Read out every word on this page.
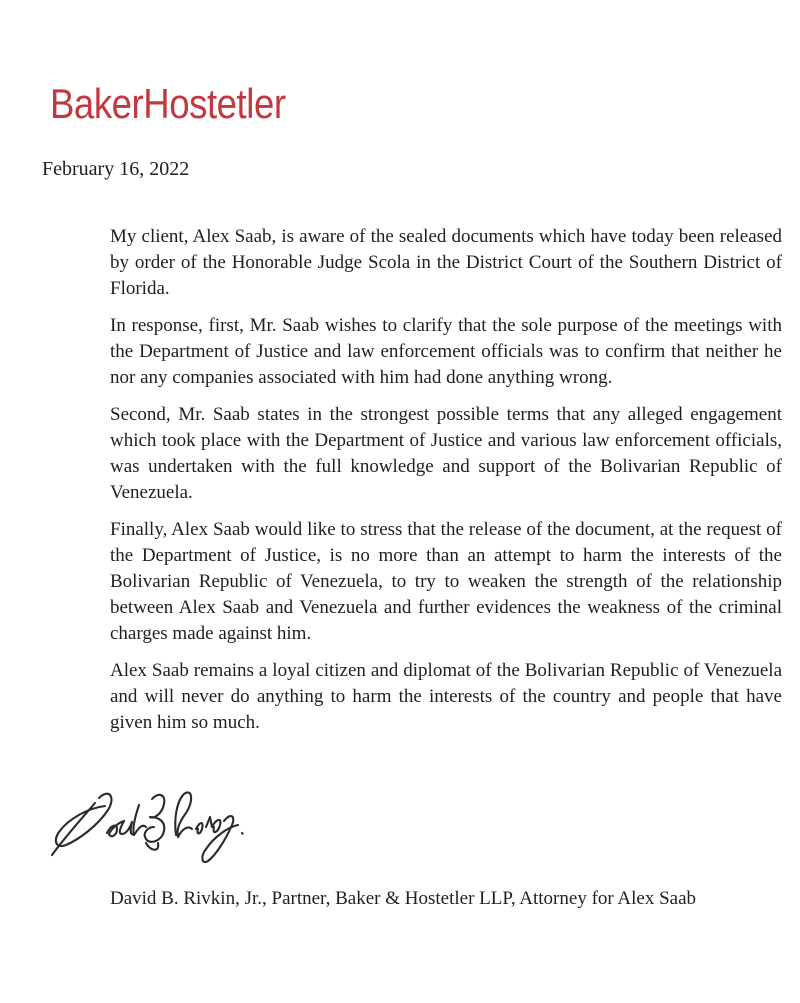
BakerHostetler
February 16, 2022

My client, Alex Saab, is aware of the sealed documents which have today been released by order of the Honorable Judge Scola in the District Court of the Southern District of Florida.

In response, first, Mr. Saab wishes to clarify that the sole purpose of the meetings with the Department of Justice and law enforcement officials was to confirm that neither he nor any companies associated with him had done anything wrong.

Second, Mr. Saab states in the strongest possible terms that any alleged engagement which took place with the Department of Justice and various law enforcement officials, was undertaken with the full knowledge and support of the Bolivarian Republic of Venezuela.

Finally, Alex Saab would like to stress that the release of the document, at the request of the Department of Justice, is no more than an attempt to harm the interests of the Bolivarian Republic of Venezuela, to try to weaken the strength of the relationship between Alex Saab and Venezuela and further evidences the weakness of the criminal charges made against him.

Alex Saab remains a loyal citizen and diplomat of the Bolivarian Republic of Venezuela and will never do anything to harm the interests of the country and people that have given him so much.

David B. Rivkin, Jr., Partner, Baker & Hostetler LLP, Attorney for Alex Saab
